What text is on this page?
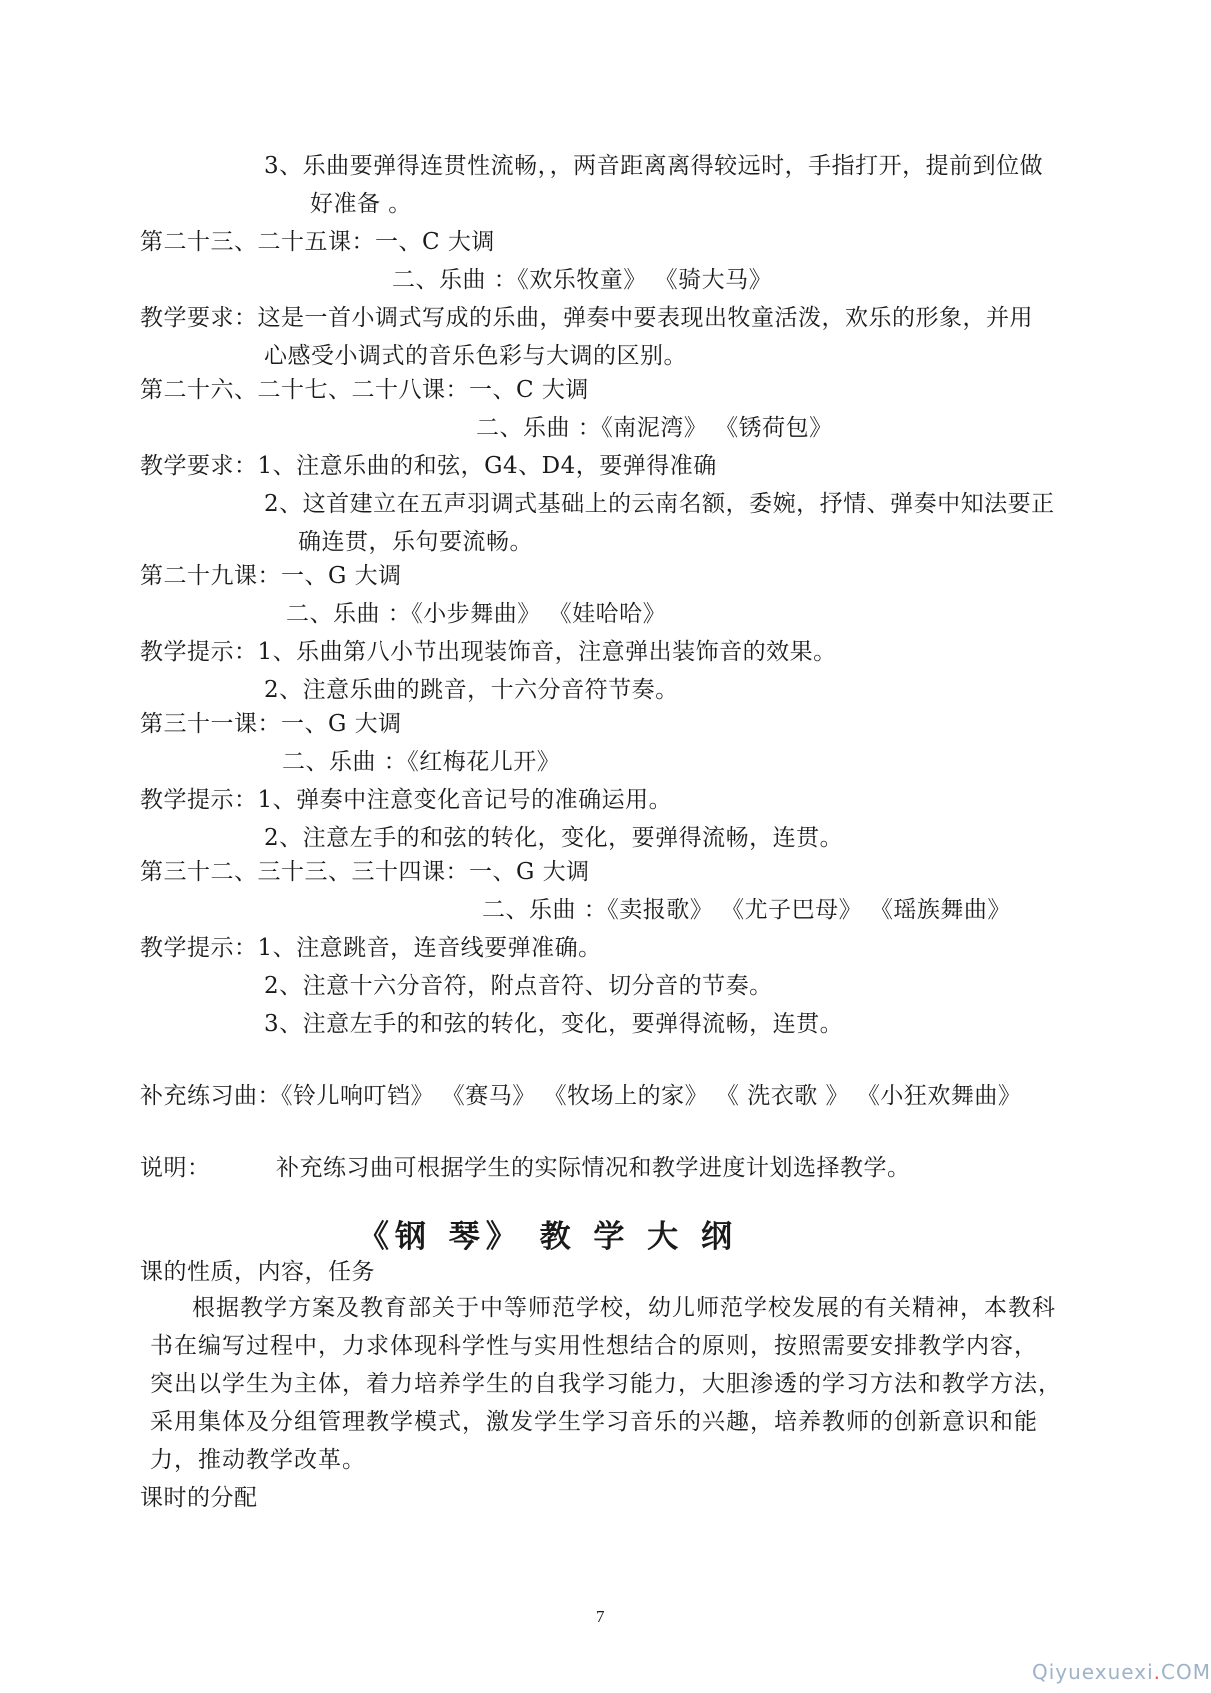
3、乐曲要弹得连贯性流畅，，两音距离离得较远时，手指打开，提前到位做
好准备 。
第二十三、二十五课：一、C 大调
二、乐曲 ：《欢乐牧童》 《骑大马》
教学要求：这是一首小调式写成的乐曲，弹奏中要表现出牧童活泼，欢乐的形象，并用
心感受小调式的音乐色彩与大调的区别。
第二十六、二十七、二十八课：一、C 大调
二、乐曲 ：《南泥湾》 《锈荷包》
教学要求：1、注意乐曲的和弦，G4、D4，要弹得准确
2、这首建立在五声羽调式基础上的云南名额，委婉，抒情、弹奏中知法要正
确连贯，乐句要流畅。
第二十九课：一、G 大调
二、乐曲 ：《小步舞曲》 《娃哈哈》
教学提示：1、乐曲第八小节出现装饰音，注意弹出装饰音的效果。
2、注意乐曲的跳音，十六分音符节奏。
第三十一课：一、G 大调
二、乐曲 ：《红梅花儿开》
教学提示：1、弹奏中注意变化音记号的准确运用。
2、注意左手的和弦的转化，变化，要弹得流畅，连贯。
第三十二、三十三、三十四课：一、G 大调
二、乐曲 ：《卖报歌》 《尤子巴母》 《瑶族舞曲》
教学提示：1、注意跳音，连音线要弹准确。
2、注意十六分音符，附点音符、切分音的节奏。
3、注意左手的和弦的转化，变化，要弹得流畅，连贯。
补充练习曲：《铃儿响叮铛》 《赛马》 《牧场上的家》 《 洗衣歌 》 《小狂欢舞曲》
说明：	补充练习曲可根据学生的实际情况和教学进度计划选择教学。
《钢 琴》 教 学 大 纲
课的性质，内容，任务
根据教学方案及教育部关于中等师范学校，幼儿师范学校发展的有关精神，本教科
书在编写过程中，力求体现科学性与实用性想结合的原则，按照需要安排教学内容，
突出以学生为主体，着力培养学生的自我学习能力，大胆渗透的学习方法和教学方法，
采用集体及分组管理教学模式，激发学生学习音乐的兴趣，培养教师的创新意识和能
力，推动教学改革。
课时的分配
7
Qiyuexuexi.COM
